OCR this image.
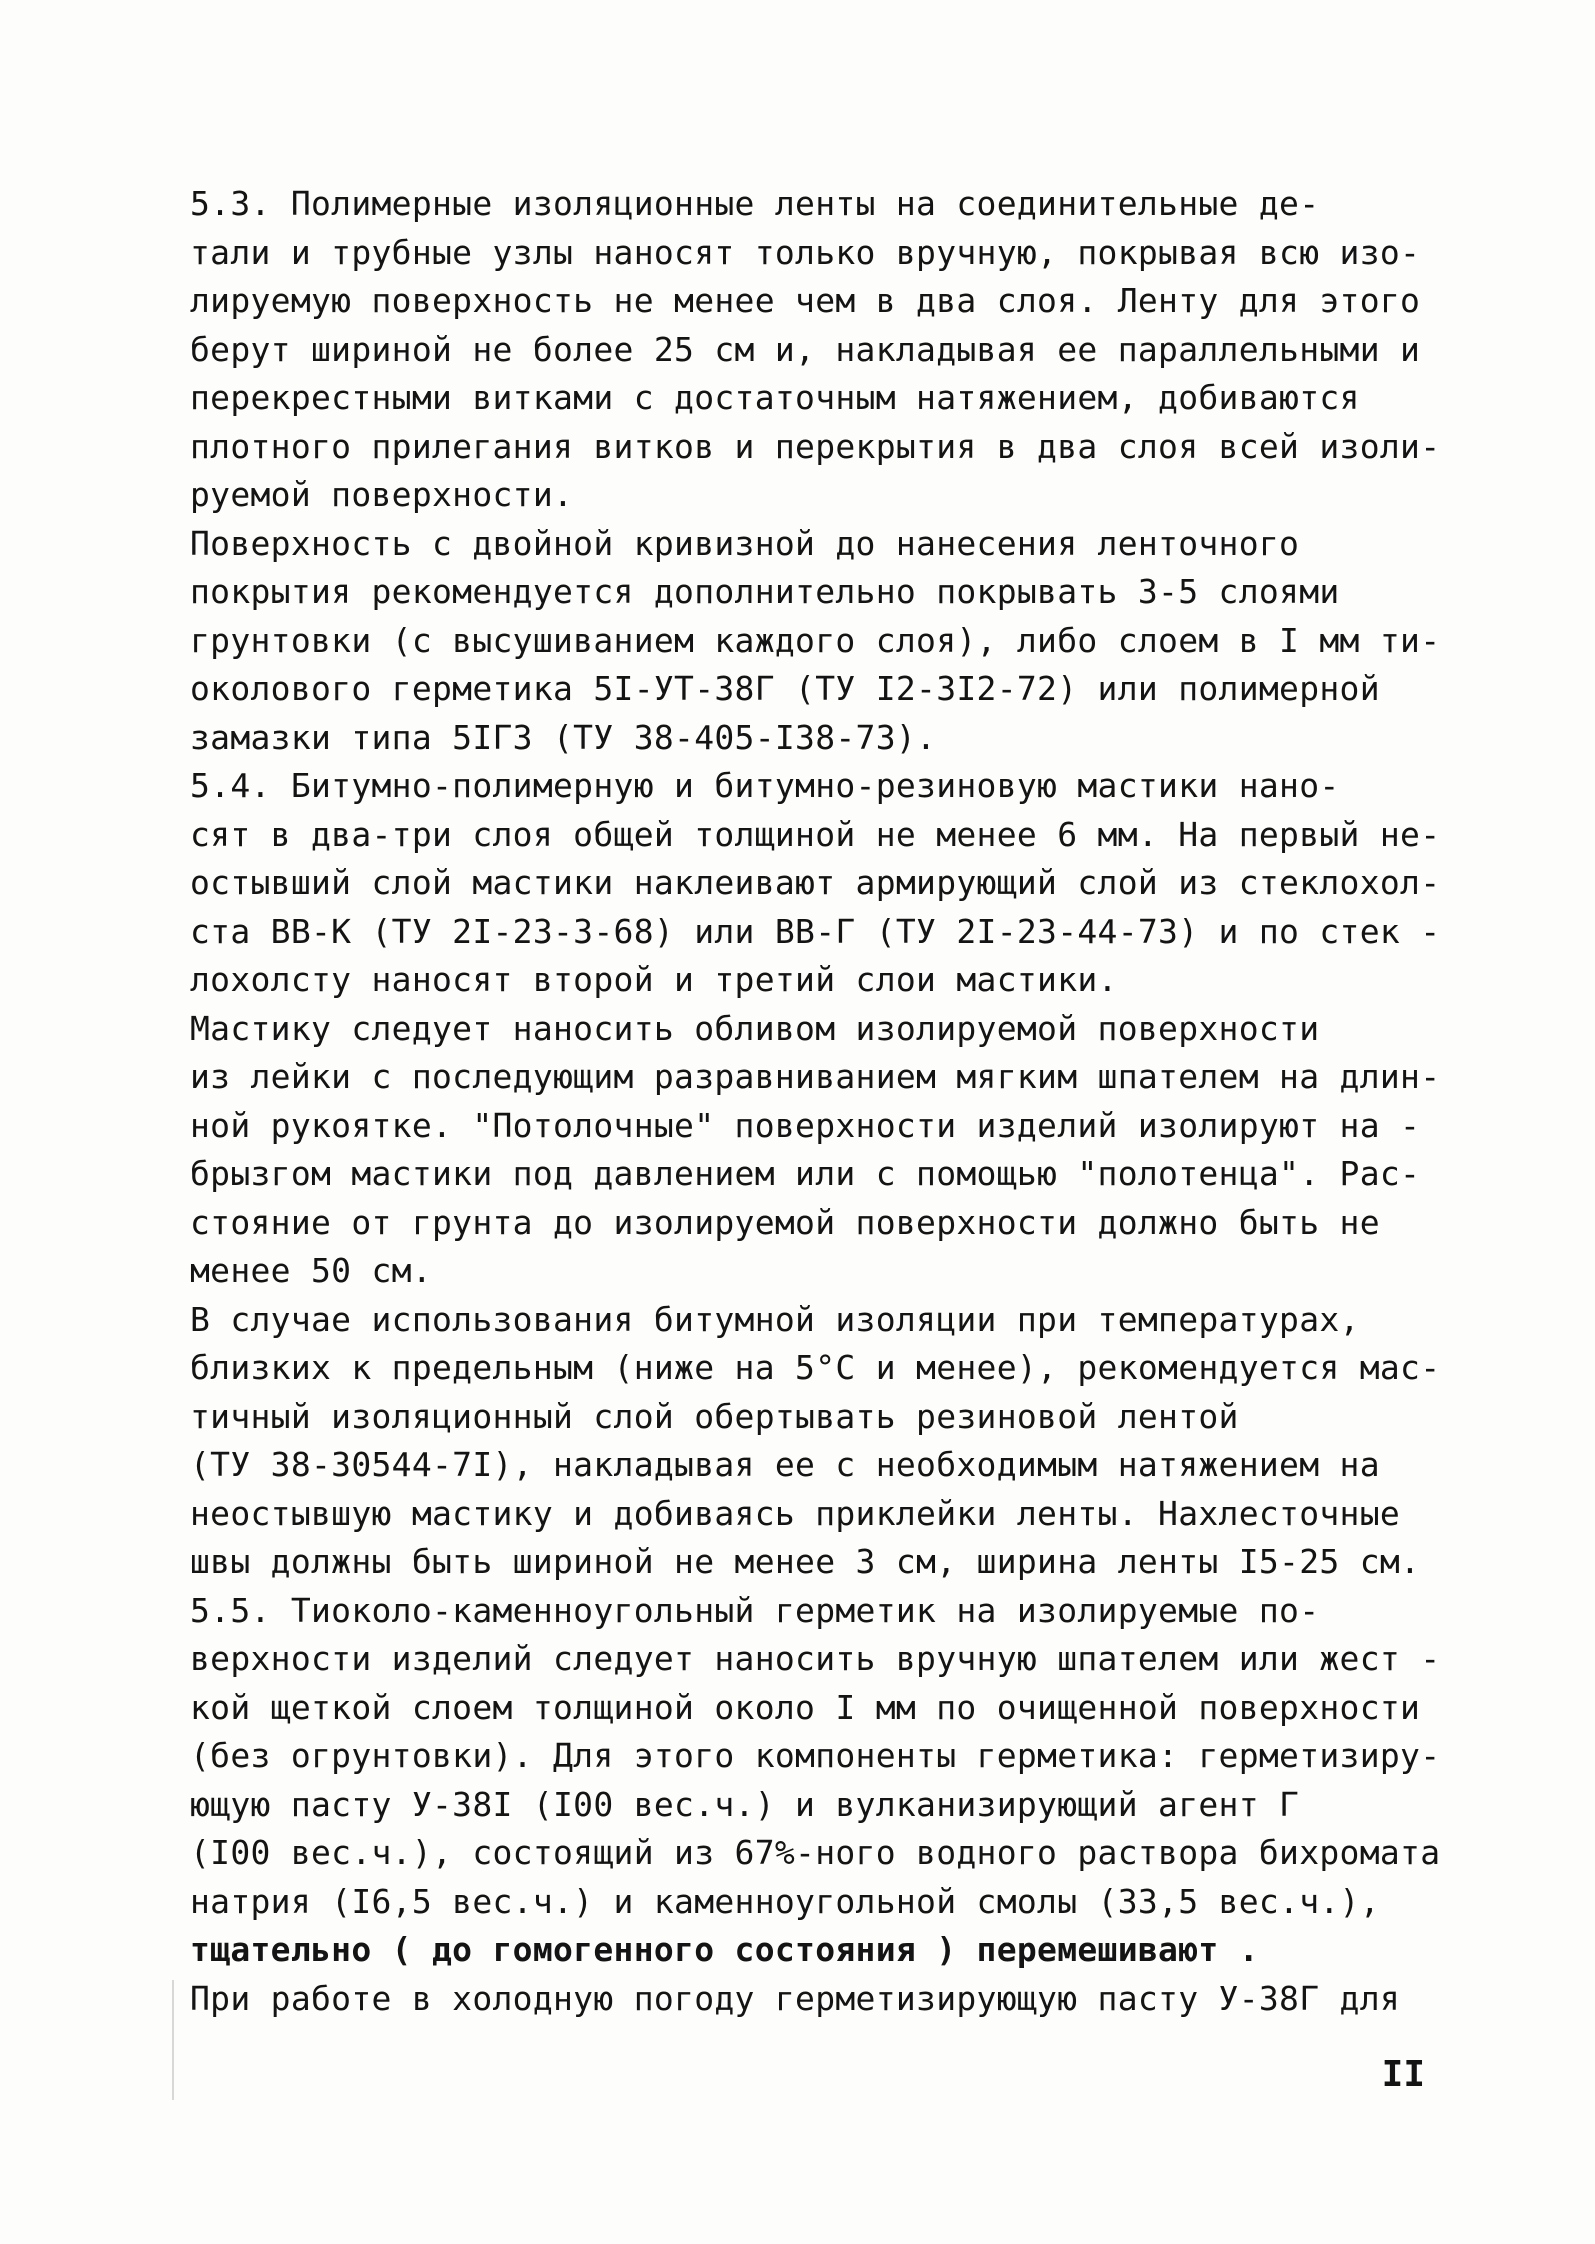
5.3. Полимерные изоляционные ленты на соединительные де-
тали и трубные узлы наносят только вручную, покрывая всю изо-
лируемую поверхность не менее чем в два слоя. Ленту для этого
берут шириной не более 25 см и, накладывая ее параллельными и
перекрестными витками с достаточным натяжением, добиваются
плотного прилегания витков и перекрытия в два слоя всей изоли-
руемой поверхности.
Поверхность с двойной кривизной до нанесения ленточного
покрытия рекомендуется дополнительно покрывать 3-5 слоями
грунтовки (с высушиванием каждого слоя), либо слоем в I мм ти-
околового герметика 5I-УТ-38Г (ТУ I2-3I2-72) или полимерной
замазки типа 5IГ3 (ТУ 38-405-I38-73).
5.4. Битумно-полимерную и битумно-резиновую мастики нано-
сят в два-три слоя общей толщиной не менее 6 мм. На первый не-
остывший слой мастики наклеивают армирующий слой из стеклохол-
ста ВВ-К (ТУ 2I-23-3-68) или ВВ-Г (ТУ 2I-23-44-73) и по стек -
лохолсту наносят второй и третий слои мастики.
Мастику следует наносить обливом изолируемой поверхности
из лейки с последующим разравниванием мягким шпателем на длин-
ной рукоятке. "Потолочные" поверхности изделий изолируют на -
брызгом мастики под давлением или с помощью "полотенца". Рас-
стояние от грунта до изолируемой поверхности должно быть не
менее 50 см.
В случае использования битумной изоляции при температурах,
близких к предельным (ниже на 5°С и менее), рекомендуется мас-
тичный изоляционный слой обертывать резиновой лентой
(ТУ 38-30544-7I), накладывая ее с необходимым натяжением на
неостывшую мастику и добиваясь приклейки ленты. Нахлесточные
швы должны быть шириной не менее 3 см, ширина ленты I5-25 см.
5.5. Тиоколо-каменноугольный герметик на изолируемые по-
верхности изделий следует наносить вручную шпателем или жест -
кой щеткой слоем толщиной около I мм по очищенной поверхности
(без огрунтовки). Для этого компоненты герметика: герметизиру-
ющую пасту У-38I (I00 вес.ч.) и вулканизирующий агент Г
(I00 вес.ч.), состоящий из 67%-ного водного раствора бихромата
натрия (I6,5 вес.ч.) и каменноугольной смолы (33,5 вес.ч.),
тщательно ( до гомогенного состояния ) перемешивают .
При работе в холодную погоду герметизирующую пасту У-38Г для
II
